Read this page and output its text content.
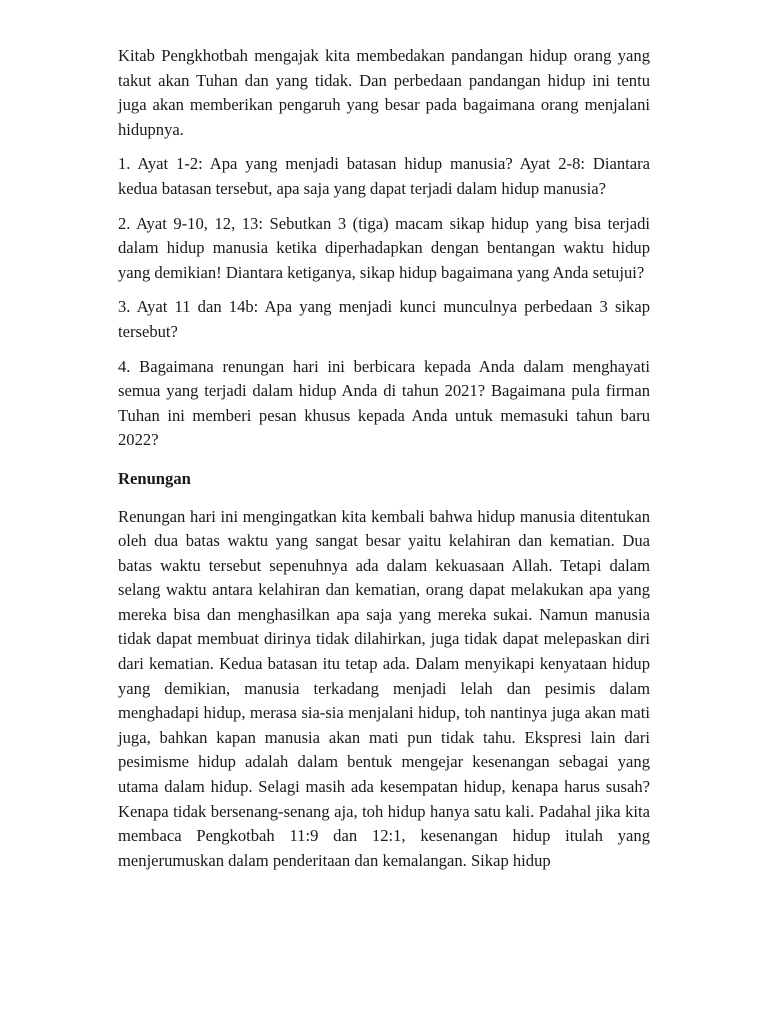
Kitab Pengkhotbah mengajak kita membedakan pandangan hidup orang yang takut akan Tuhan dan yang tidak. Dan perbedaan pandangan hidup ini tentu juga akan memberikan pengaruh yang besar pada bagaimana orang menjalani hidupnya.

1. Ayat 1-2: Apa yang menjadi batasan hidup manusia? Ayat 2-8: Diantara kedua batasan tersebut, apa saja yang dapat terjadi dalam hidup manusia?

2. Ayat 9-10, 12, 13: Sebutkan 3 (tiga) macam sikap hidup yang bisa terjadi dalam hidup manusia ketika diperhadapkan dengan bentangan waktu hidup yang demikian! Diantara ketiganya, sikap hidup bagaimana yang Anda setujui?

3. Ayat 11 dan 14b: Apa yang menjadi kunci munculnya perbedaan 3 sikap tersebut?

4. Bagaimana renungan hari ini berbicara kepada Anda dalam menghayati semua yang terjadi dalam hidup Anda di tahun 2021? Bagaimana pula firman Tuhan ini memberi pesan khusus kepada Anda untuk memasuki tahun baru 2022?

Renungan

Renungan hari ini mengingatkan kita kembali bahwa hidup manusia ditentukan oleh dua batas waktu yang sangat besar yaitu kelahiran dan kematian. Dua batas waktu tersebut sepenuhnya ada dalam kekuasaan Allah. Tetapi dalam selang waktu antara kelahiran dan kematian, orang dapat melakukan apa yang mereka bisa dan menghasilkan apa saja yang mereka sukai. Namun manusia tidak dapat membuat dirinya tidak dilahirkan, juga tidak dapat melepaskan diri dari kematian. Kedua batasan itu tetap ada. Dalam menyikapi kenyataan hidup yang demikian, manusia terkadang menjadi lelah dan pesimis dalam menghadapi hidup, merasa sia-sia menjalani hidup, toh nantinya juga akan mati juga, bahkan kapan manusia akan mati pun tidak tahu. Ekspresi lain dari pesimisme hidup adalah dalam bentuk mengejar kesenangan sebagai yang utama dalam hidup. Selagi masih ada kesempatan hidup, kenapa harus susah? Kenapa tidak bersenang-senang aja, toh hidup hanya satu kali. Padahal jika kita membaca Pengkotbah 11:9 dan 12:1, kesenangan hidup itulah yang menjerumuskan dalam penderitaan dan kemalangan. Sikap hidup
